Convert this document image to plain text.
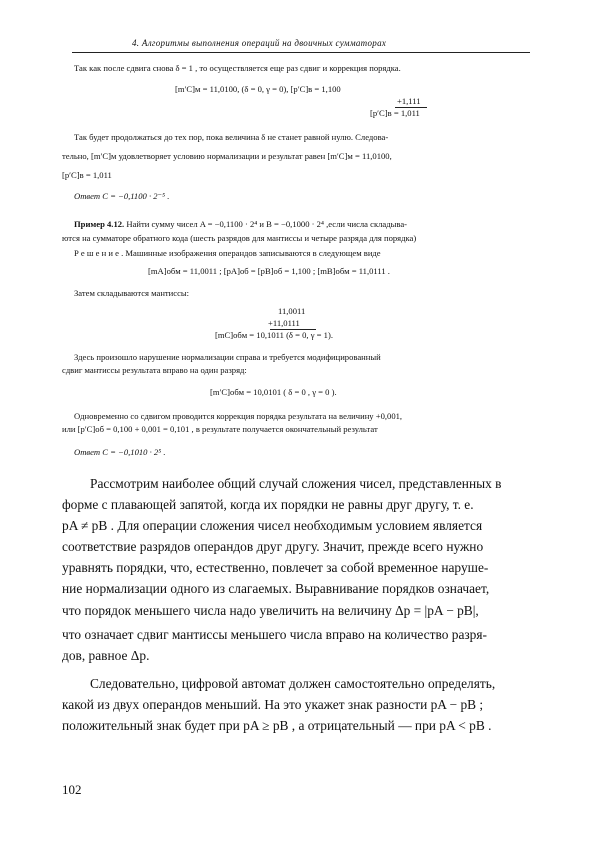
4. Алгоритмы выполнения операций на двоичных сумматорах
Так как после сдвига снова δ = 1 , то осуществляется еще раз сдвиг и коррекция порядка.
[m′C]м = 11,0100, (δ = 0, γ = 0), [p′C]в = 1,100
+1,111
[p′C]в = 1,011
Так будет продолжаться до тех пор, пока величина δ не станет равной нулю. Следова-
тельно, [m′C]м удовлетворяет условию нормализации и результат равен [m′C]м = 11,0100,
[p′C]в = 1,011
Ответ C = −0,1100 · 2⁻⁵ .
Пример 4.12. Найти сумму чисел A = −0,1100 · 2⁴ и B = −0,1000 · 2⁴ ,если числа складыва-
ются на сумматоре обратного кода (шесть разрядов для мантиссы и четыре разряда для порядка)
Р е ш е н и е . Машинные изображения операндов записываются в следующем виде
[mA]обм = 11,0011 ; [pA]об = [pB]об = 1,100 ; [mB]обм = 11,0111 .
Затем складываются мантиссы:
11,0011
+11,0111
[mC]обм = 10,1011 (δ = 0, γ = 1).
Здесь произошло нарушение нормализации справа и требуется модифицированный
сдвиг мантиссы результата вправо на один разряд:
[m′C]обм = 10,0101 ( δ = 0 , γ = 0 ).
Одновременно со сдвигом проводится коррекция порядка результата на величину +0,001,
или [p′C]об = 0,100 + 0,001 = 0,101 , в результате получается окончательный результат
Ответ C = −0,1010 · 2⁵ .
Рассмотрим наиболее общий случай сложения чисел, представленных в
форме с плавающей запятой, когда их порядки не равны друг другу, т. е.
pA ≠ pB . Для операции сложения чисел необходимым условием является
соответствие разрядов операндов друг другу. Значит, прежде всего нужно
уравнять порядки, что, естественно, повлечет за собой временное наруше-
ние нормализации одного из слагаемых. Выравнивание порядков означает,
что порядок меньшего числа надо увеличить на величину Δp = |pA − pB|,
что означает сдвиг мантиссы меньшего числа вправо на количество разря-
дов, равное Δp.
Следовательно, цифровой автомат должен самостоятельно определять,
какой из двух операндов меньший. На это укажет знак разности pA − pB ;
положительный знак будет при pA ≥ pB , а отрицательный — при pA < pB .
102
